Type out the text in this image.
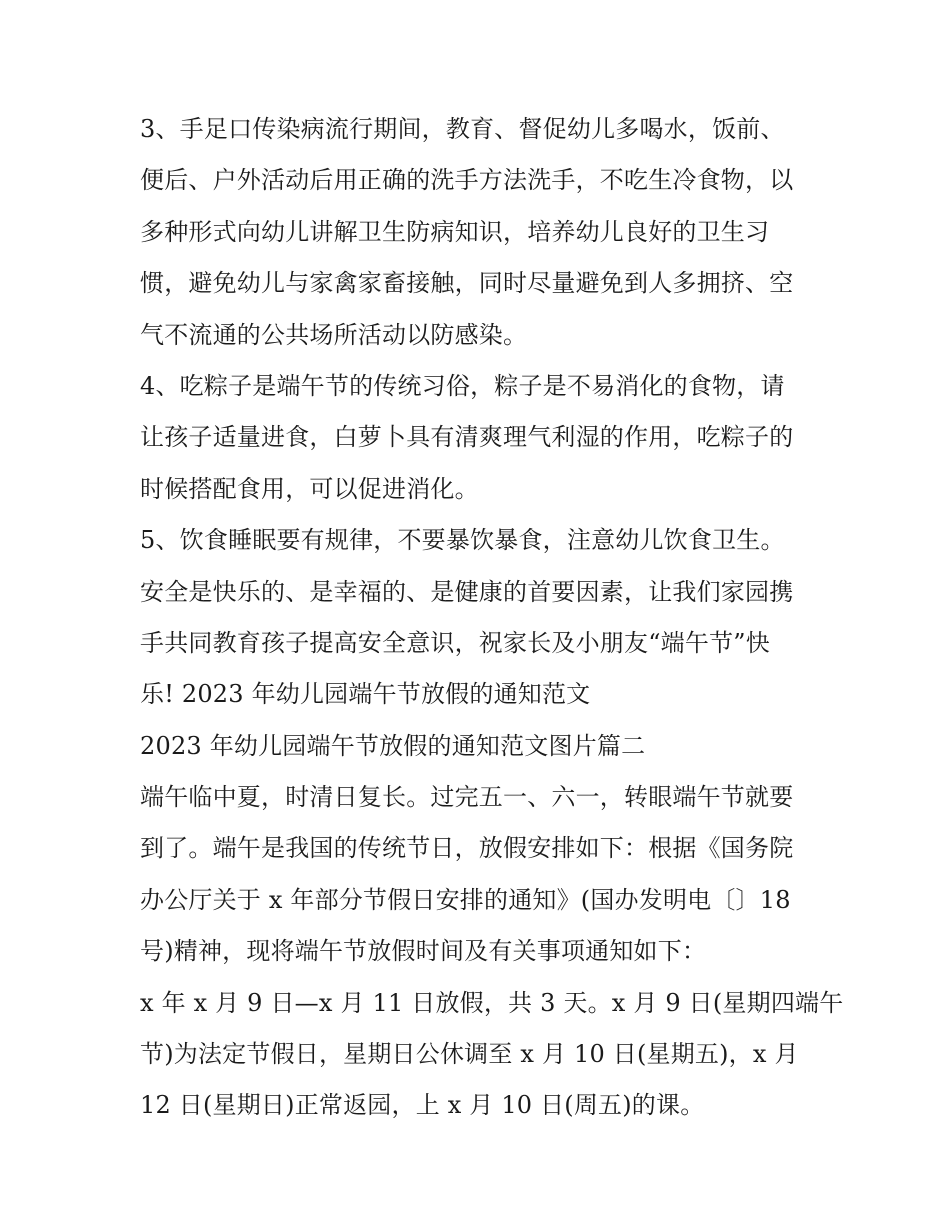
3、手足口传染病流行期间，教育、督促幼儿多喝水，饭前、
便后、户外活动后用正确的洗手方法洗手，不吃生冷食物，以
多种形式向幼儿讲解卫生防病知识，培养幼儿良好的卫生习
惯，避免幼儿与家禽家畜接触，同时尽量避免到人多拥挤、空
气不流通的公共场所活动以防感染。
4、吃粽子是端午节的传统习俗，粽子是不易消化的食物，请
让孩子适量进食，白萝卜具有清爽理气利湿的作用，吃粽子的
时候搭配食用，可以促进消化。
5、饮食睡眠要有规律，不要暴饮暴食，注意幼儿饮食卫生。
安全是快乐的、是幸福的、是健康的首要因素，让我们家园携
手共同教育孩子提高安全意识，祝家长及小朋友“端午节”快
乐! 2023 年幼儿园端午节放假的通知范文
2023 年幼儿园端午节放假的通知范文图片篇二
端午临中夏，时清日复长。过完五一、六一，转眼端午节就要
到了。端午是我国的传统节日，放假安排如下：根据《国务院
办公厅关于 x 年部分节假日安排的通知》(国办发明电〔〕18
号)精神，现将端午节放假时间及有关事项通知如下：
x 年 x 月 9 日—x 月 11 日放假，共 3 天。x 月 9 日(星期四端午
节)为法定节假日，星期日公休调至 x 月 10 日(星期五)，x 月
12 日(星期日)正常返园，上 x 月 10 日(周五)的课。
